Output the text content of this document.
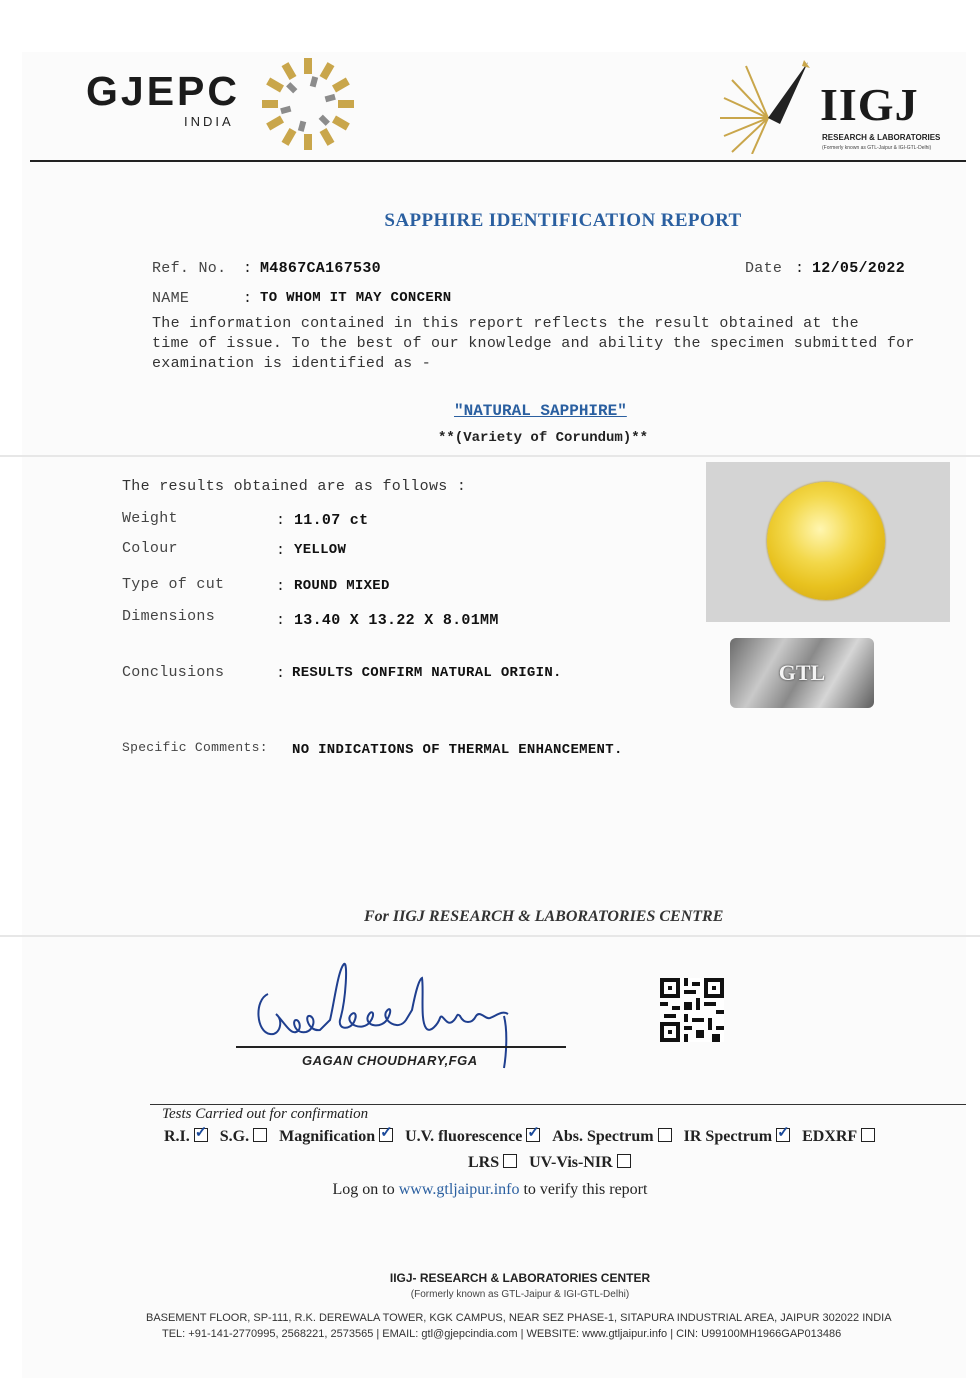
GJEPC
INDIA	IIGJ
RESEARCH & LABORATORIES
(Formerly known as GTL-Jaipur & IGI-GTL-Delhi)
SAPPHIRE IDENTIFICATION REPORT
Ref. No. : M4867CA167530	Date : 12/05/2022
NAME	: TO WHOM IT MAY CONCERN
The information contained in this report reflects the result obtained at the
time of issue. To the best of our knowledge and ability the specimen submitted for
examination is identified as -
"NATURAL SAPPHIRE"
**(Variety of Corundum)**
The results obtained are as follows :
Weight	: 11.07 ct
Colour	: YELLOW
Type of cut	: ROUND MIXED
Dimensions	: 13.40 X 13.22 X 8.01MM
Conclusions	: RESULTS CONFIRM NATURAL ORIGIN.
Specific Comments: NO INDICATIONS OF THERMAL ENHANCEMENT.
GTL
For IIGJ RESEARCH & LABORATORIES CENTRE
GAGAN CHOUDHARY,FGA
Tests Carried out for confirmation
R.I. ✓ S.G. Magnification ✓ U.V. fluorescence ✓ Abs. Spectrum IR Spectrum ✓ EDXRF
LRS UV-Vis-NIR
Log on to www.gtljaipur.info to verify this report
IIGJ- RESEARCH & LABORATORIES CENTER
(Formerly known as GTL-Jaipur & IGI-GTL-Delhi)
BASEMENT FLOOR, SP-111, R.K. DEREWALA TOWER, KGK CAMPUS, NEAR SEZ PHASE-1, SITAPURA INDUSTRIAL AREA, JAIPUR 302022 INDIA
TEL: +91-141-2770995, 2568221, 2573565 | EMAIL: gtl@gjepcindia.com | WEBSITE: www.gtljaipur.info | CIN: U99100MH1966GAP013486
